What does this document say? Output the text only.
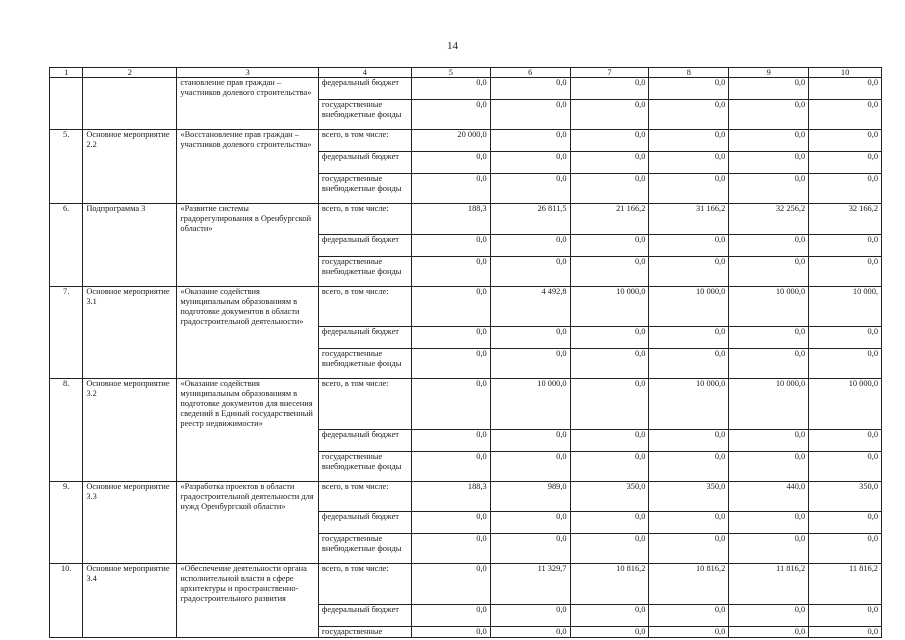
14
1	2	3	4	5	6	7	8	9	10
		становление прав граждан – участников долевого строительства»	федеральный бюджет	0,0	0,0	0,0	0,0	0,0	0,0
			государственные внебюджетные фонды	0,0	0,0	0,0	0,0	0,0	0,0
5.	Основное мероприятие 2.2	«Восстановление прав граждан – участников долевого строительства»	всего, в том числе:	20 000,0	0,0	0,0	0,0	0,0	0,0
			федеральный бюджет	0,0	0,0	0,0	0,0	0,0	0,0
			государственные внебюджетные фонды	0,0	0,0	0,0	0,0	0,0	0,0
6.	Подпрограмма 3	«Развитие системы градорегулирования в Оренбургской области»	всего, в том числе:	188,3	26 811,5	21 166,2	31 166,2	32 256,2	32 166,2
			федеральный бюджет	0,0	0,0	0,0	0,0	0,0	0,0
			государственные внебюджетные фонды	0,0	0,0	0,0	0,0	0,0	0,0
7.	Основное мероприятие 3.1	«Оказание содействия муниципальным образованиям в подготовке документов в области градостроительной деятельности»	всего, в том числе:	0,0	4 492,8	10 000,0	10 000,0	10 000,0	10 000,
			федеральный бюджет	0,0	0,0	0,0	0,0	0,0	0,0
			государственные внебюджетные фонды	0,0	0,0	0,0	0,0	0,0	0,0
8.	Основное мероприятие 3.2	«Оказание содействия муниципальным образованиям в подготовке документов для внесения сведений в Единый государственный реестр недвижимости»	всего, в том числе:	0,0	10 000,0	0,0	10 000,0	10 000,0	10 000,0
			федеральный бюджет	0,0	0,0	0,0	0,0	0,0	0,0
			государственные внебюджетные фонды	0,0	0,0	0,0	0,0	0,0	0,0
9.	Основное мероприятие 3.3	«Разработка проектов в области градостроительной деятельности для нужд Оренбургской области»	всего, в том числе:	188,3	989,0	350,0	350,0	440,0	350,0
			федеральный бюджет	0,0	0,0	0,0	0,0	0,0	0,0
			государственные внебюджетные фонды	0,0	0,0	0,0	0,0	0,0	0,0
10.	Основное мероприятие 3.4	«Обеспечение деятельности органа исполнительной власти в сфере архитектуры и пространственно-градостроительного развития	всего, в том числе:	0,0	11 329,7	10 816,2	10 816,2	11 816,2	11 816,2
			федеральный бюджет	0,0	0,0	0,0	0,0	0,0	0,0
			государственные	0,0	0,0	0,0	0,0	0,0	0,0
